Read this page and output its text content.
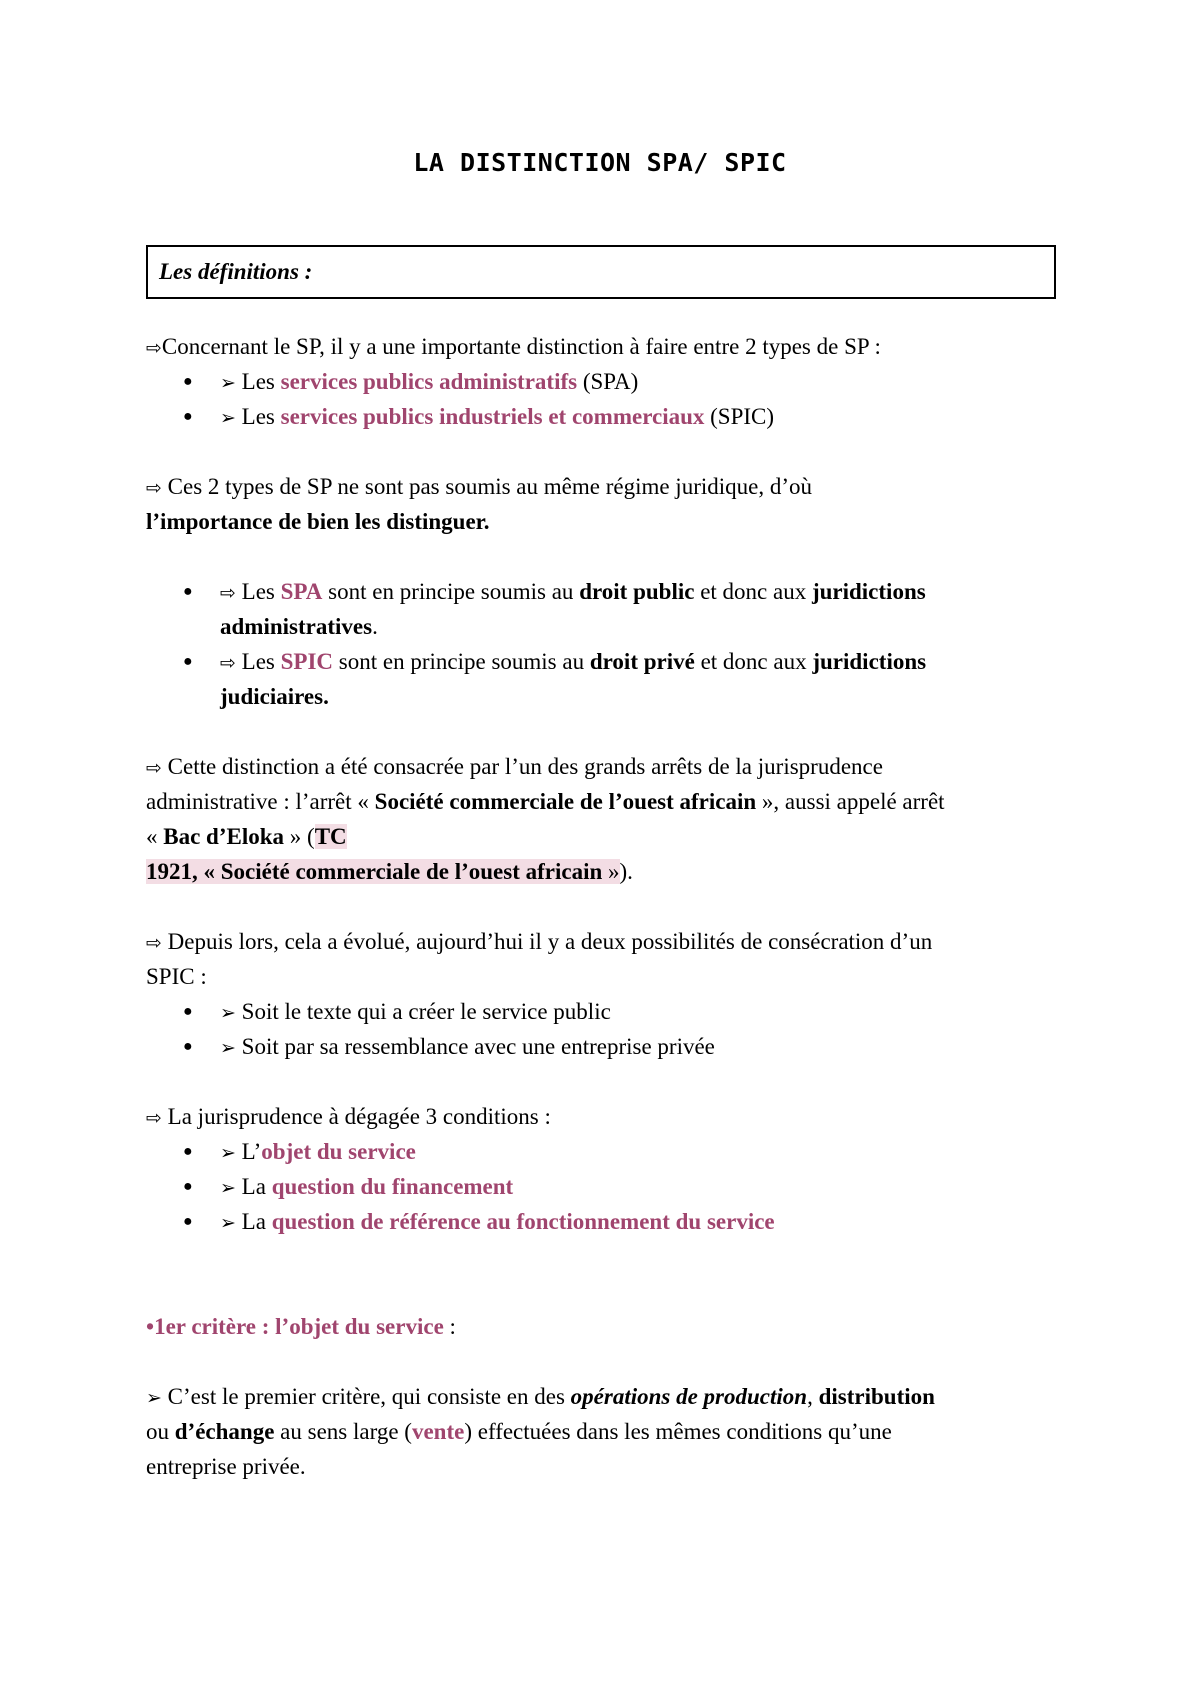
LA DISTINCTION SPA/ SPIC
Les définitions :
⇨Concernant le SP, il y a une importante distinction à faire entre 2 types de SP :
● ➢ Les services publics administratifs (SPA)
● ➢ Les services publics industriels et commerciaux (SPIC)
⇨ Ces 2 types de SP ne sont pas soumis au même régime juridique, d’où
l’importance de bien les distinguer.
● ⇨ Les SPA sont en principe soumis au droit public et donc aux juridictions
administratives.
● ⇨ Les SPIC sont en principe soumis au droit privé et donc aux juridictions
judiciaires.
⇨ Cette distinction a été consacrée par l’un des grands arrêts de la jurisprudence
administrative : l’arrêt « Société commerciale de l’ouest africain », aussi appelé arrêt
« Bac d’Eloka » (TC
1921, « Société commerciale de l’ouest africain »).
⇨ Depuis lors, cela a évolué, aujourd’hui il y a deux possibilités de consécration d’un
SPIC :
● ➢ Soit le texte qui a créer le service public
● ➢ Soit par sa ressemblance avec une entreprise privée
⇨ La jurisprudence à dégagée 3 conditions :
● ➢ L’objet du service
● ➢ La question du financement
● ➢ La question de référence au fonctionnement du service
•1er critère : l’objet du service :
➢ C’est le premier critère, qui consiste en des opérations de production, distribution
ou d’échange au sens large (vente) effectuées dans les mêmes conditions qu’une
entreprise privée.
